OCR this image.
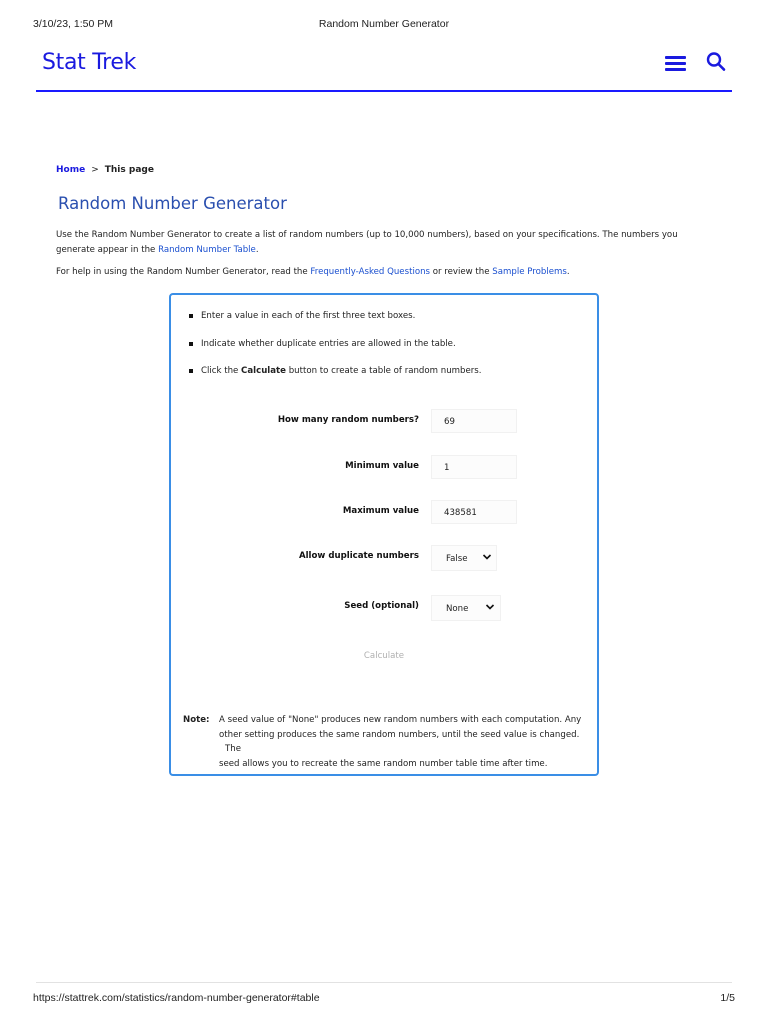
3/10/23, 1:50 PM	Random Number Generator
Stat Trek
Home > This page
Random Number Generator
Use the Random Number Generator to create a list of random numbers (up to 10,000 numbers), based on your specifications. The numbers you generate appear in the Random Number Table.
For help in using the Random Number Generator, read the Frequently-Asked Questions or review the Sample Problems.
Enter a value in each of the first three text boxes.
Indicate whether duplicate entries are allowed in the table.
Click the Calculate button to create a table of random numbers.
How many random numbers?	69
Minimum value	1
Maximum value	438581
Allow duplicate numbers	False
Seed (optional)	None
Calculate
Note: A seed value of "None" produces new random numbers with each computation. Any
other setting produces the same random numbers, until the seed value is changed. The
seed allows you to recreate the same random number table time after time.
https://stattrek.com/statistics/random-number-generator#table	1/5
